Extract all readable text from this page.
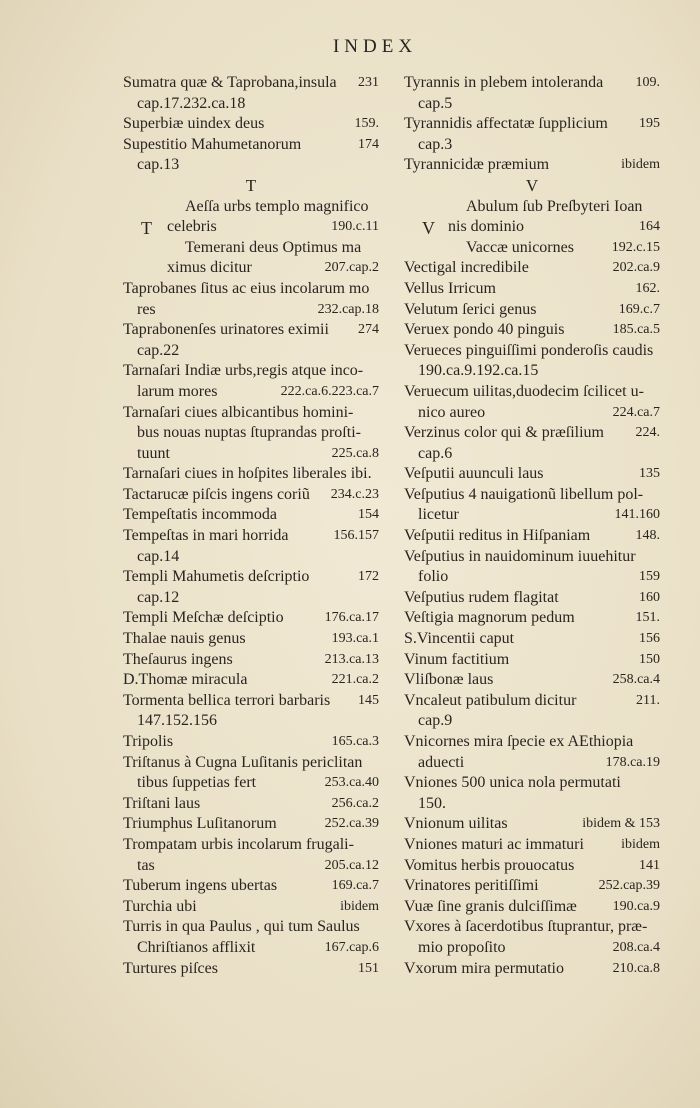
INDEX
Sumatra quæ & Taprobana,insula 231
cap.17.232.ca.18
Superbiæ uindex deus	159.
Supestitio Mahumetanorum	174
cap.13
T
T
Aeſſa urbs templo magnifico
celebris	190.c.11
Temerani deus Optimus ma
ximus dicitur	207.cap.2
Taprobanes ſitus ac eius incolarum mo
res	232.cap.18
Taprabonenſes urinatores eximii 274
cap.22
Tarnaſari Indiæ urbs,regis atque inco-
larum mores	222.ca.6.223.ca.7
Tarnaſari ciues albicantibus homini-
bus nouas nuptas ſtuprandas proſti-
tuunt	225.ca.8
Tarnaſari ciues in hoſpites liberales ibi.
Tactarucæ piſcis ingens coriũ 234.c.23
Tempeſtatis incommoda	154
Tempeſtas in mari horrida	156.157
cap.14
Templi Mahumetis deſcriptio	172
cap.12
Templi Meſchæ deſciptio	176.ca.17
Thalae nauis genus	193.ca.1
Theſaurus ingens	213.ca.13
D.Thomæ miracula	221.ca.2
Tormenta bellica terrori barbaris 145
147.152.156
Tripolis	165.ca.3
Triſtanus à Cugna Luſitanis periclitan
tibus ſuppetias fert	253.ca.40
Triſtani laus	256.ca.2
Triumphus Luſitanorum	252.ca.39
Trompatam urbis incolarum frugali-
tas	205.ca.12
Tuberum ingens ubertas	169.ca.7
Turchia ubi	ibidem
Turris in qua Paulus , qui tum Saulus
Chriſtianos afflixit	167.cap.6
Turtures piſces	151
Tyrannis in plebem intoleranda 109.
cap.5
Tyrannidis affectatæ ſupplicium 195
cap.3
Tyrannicidæ præmium	ibidem
V
V
Abulum ſub Preſbyteri Ioan
nis dominio	164
Vaccæ unicornes	192.c.15
Vectigal incredibile	202.ca.9
Vellus Irricum	162.
Velutum ſerici genus	169.c.7
Veruex pondo 40 pinguis	185.ca.5
Verueces pinguiſſimi ponderoſis caudis
190.ca.9.192.ca.15
Veruecum uilitas,duodecim ſcilicet u-
nico aureo	224.ca.7
Verzinus color qui & præſilium 224.
cap.6
Veſputii auunculi laus	135
Veſputius 4 nauigationũ libellum pol-
licetur	141.160
Veſputii reditus in Hiſpaniam	148.
Veſputius in nauidominum iuuehitur
folio	159
Veſputius rudem flagitat	160
Veſtigia magnorum pedum	151.
S.Vincentii caput	156
Vinum factitium	150
Vliſbonæ laus	258.ca.4
Vncaleut patibulum dicitur	211.
cap.9
Vnicornes mira ſpecie ex AEthiopia
aduecti	178.ca.19
Vniones 500 unica nola permutati
150.
Vnionum uilitas	ibidem & 153
Vniones maturi ac immaturi	ibidem
Vomitus herbis prouocatus	141
Vrinatores peritiſſimi	252.cap.39
Vuæ ſine granis dulciſſimæ	190.ca.9
Vxores à ſacerdotibus ſtuprantur, præ-
mio propoſito	208.ca.4
Vxorum mira permutatio	210.ca.8
